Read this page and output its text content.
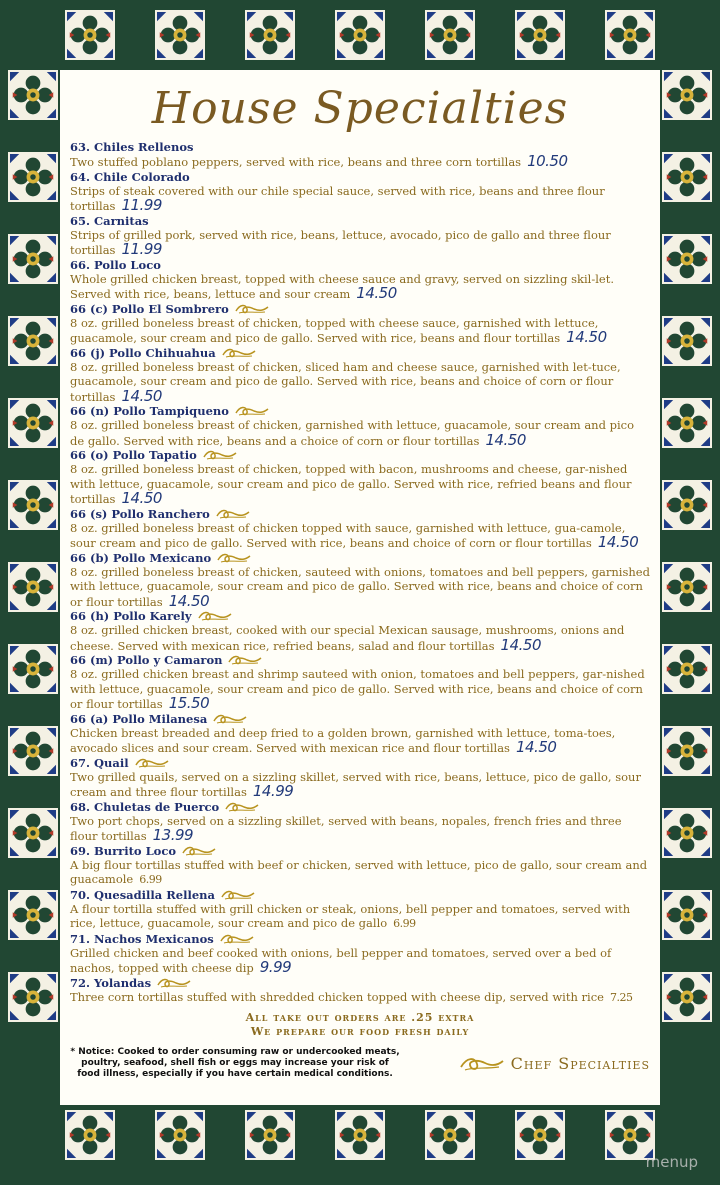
House Specialties
63. Chiles Rellenos
Two stuffed poblano peppers, served with rice, beans and three corn tortillas 10.50
64. Chile Colorado
Strips of steak covered with our chile special sauce, served with rice, beans and three flour tortillas 11.99
65. Carnitas
Strips of grilled pork, served with rice, beans, lettuce, avocado, pico de gallo and three flour tortillas 11.99
66. Pollo Loco
Whole grilled chicken breast, topped with cheese sauce and gravy, served on sizzling skil-let. Served with rice, beans, lettuce and sour cream 14.50
66 (c) Pollo El Sombrero
8 oz. grilled boneless breast of chicken, topped with cheese sauce, garnished with lettuce, guacamole, sour cream and pico de gallo. Served with rice, beans and flour tortillas 14.50
66 (j) Pollo Chihuahua
8 oz. grilled boneless breast of chicken, sliced ham and cheese sauce, garnished with let-tuce, guacamole, sour cream and pico de gallo. Served with rice, beans and choice of corn or flour tortillas 14.50
66 (n) Pollo Tampiqueno
8 oz. grilled boneless breast of chicken, garnished with lettuce, guacamole, sour cream and pico de gallo. Served with rice, beans and a choice of corn or flour tortillas 14.50
66 (o) Pollo Tapatio
8 oz. grilled boneless breast of chicken, topped with bacon, mushrooms and cheese, gar-nished with lettuce, guacamole, sour cream and pico de gallo. Served with rice, refried beans and flour tortillas 14.50
66 (s) Pollo Ranchero
8 oz. grilled boneless breast of chicken topped with sauce, garnished with lettuce, gua-camole, sour cream and pico de gallo. Served with rice, beans and choice of corn or flour tortillas 14.50
66 (b) Pollo Mexicano
8 oz. grilled boneless breast of chicken, sauteed with onions, tomatoes and bell peppers, garnished with lettuce, guacamole, sour cream and pico de gallo. Served with rice, beans and choice of corn or flour tortillas 14.50
66 (h) Pollo Karely
8 oz. grilled chicken breast, cooked with our special Mexican sausage, mushrooms, onions and cheese. Served with mexican rice, refried beans, salad and flour tortillas 14.50
66 (m) Pollo y Camaron
8 oz. grilled chicken breast and shrimp sauteed with onion, tomatoes and bell peppers, gar-nished with lettuce, guacamole, sour cream and pico de gallo. Served with rice, beans and choice of corn or flour tortillas 15.50
66 (a) Pollo Milanesa
Chicken breast breaded and deep fried to a golden brown, garnished with lettuce, toma-toes, avocado slices and sour cream. Served with mexican rice and flour tortillas 14.50
67. Quail
Two grilled quails, served on a sizzling skillet, served with rice, beans, lettuce, pico de gallo, sour cream and three flour tortillas 14.99
68. Chuletas de Puerco
Two port chops, served on a sizzling skillet, served with beans, nopales, french fries and three flour tortillas 13.99
69. Burrito Loco
A big flour tortillas stuffed with beef or chicken, served with lettuce, pico de gallo, sour cream and guacamole 6.99
70. Quesadilla Rellena
A flour tortilla stuffed with grill chicken or steak, onions, bell pepper and tomatoes, served with rice, lettuce, guacamole, sour cream and pico de gallo 6.99
71. Nachos Mexicanos
Grilled chicken and beef cooked with onions, bell pepper and tomatoes, served over a bed of nachos, topped with cheese dip 9.99
72. Yolandas
Three corn tortillas stuffed with shredded chicken topped with cheese dip, served with rice 7.25
All take out orders are .25 extra
We prepare our food fresh daily
* Notice: Cooked to order consuming raw or undercooked meats, poultry, seafood, shell fish or eggs may increase your risk of food illness, especially if you have certain medical conditions.
Chef Specialties
menup
